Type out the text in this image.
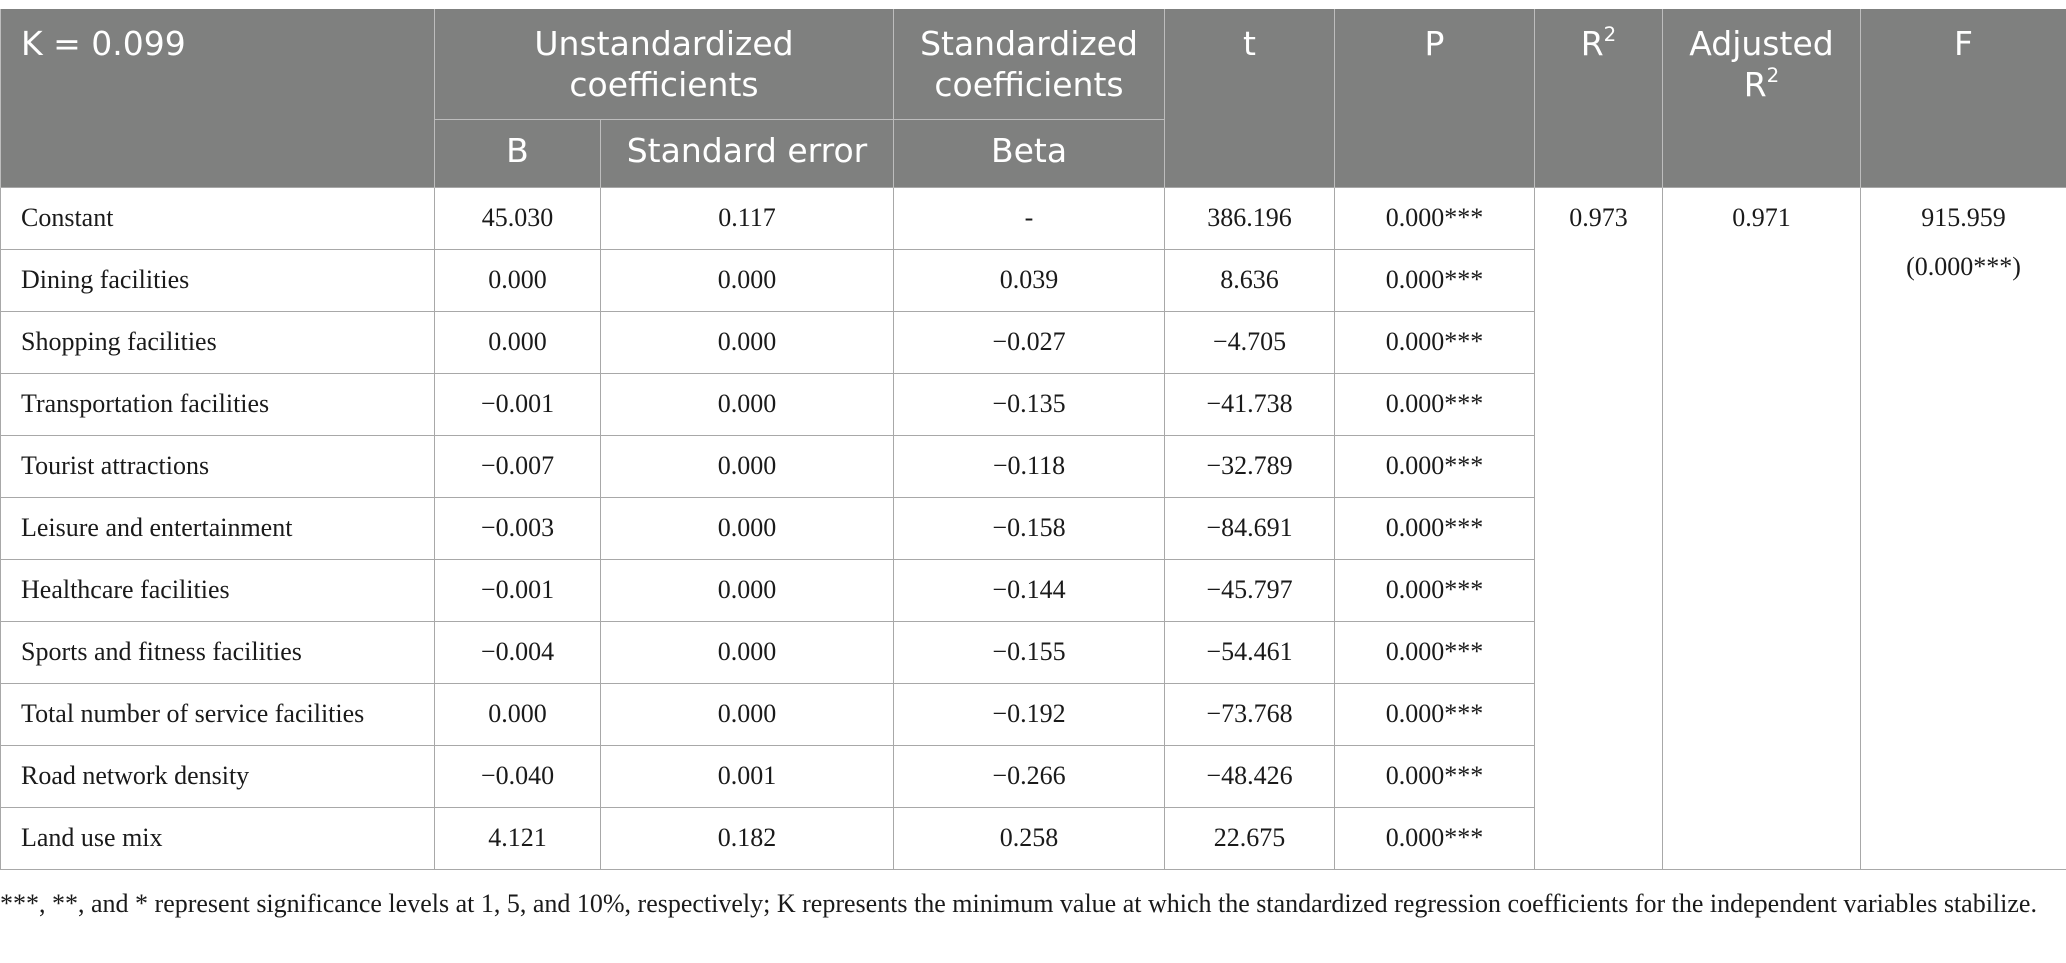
K = 0.099	Unstandardized coefficients		Standardized coefficients	t	P	$R^2$	Adjusted $R^2$	F
	B	Standard error	Beta					
Constant	45.030	0.117	-	386.196	0.000***	0.973	0.971	915.959
(0.000***)

Dining facilities	0.000	0.000	0.039	8.636	0.000***			
Shopping facilities	0.000	0.000	−0.027	−4.705	0.000***			
Transportation facilities	−0.001	0.000	−0.135	−41.738	0.000***			
Tourist attractions	−0.007	0.000	−0.118	−32.789	0.000***			
Leisure and entertainment	−0.003	0.000	−0.158	−84.691	0.000***			
Healthcare facilities	−0.001	0.000	−0.144	−45.797	0.000***			
Sports and fitness facilities	−0.004	0.000	−0.155	−54.461	0.000***			
Total number of service facilities	0.000	0.000	−0.192	−73.768	0.000***			
Road network density	−0.040	0.001	−0.266	−48.426	0.000***			
Land use mix	4.121	0.182	0.258	22.675	0.000***			
***, **, and * represent significance levels at 1, 5, and 10%, respectively; K represents the minimum value at which the standardized regression coefficients for the independent variables stabilize.
